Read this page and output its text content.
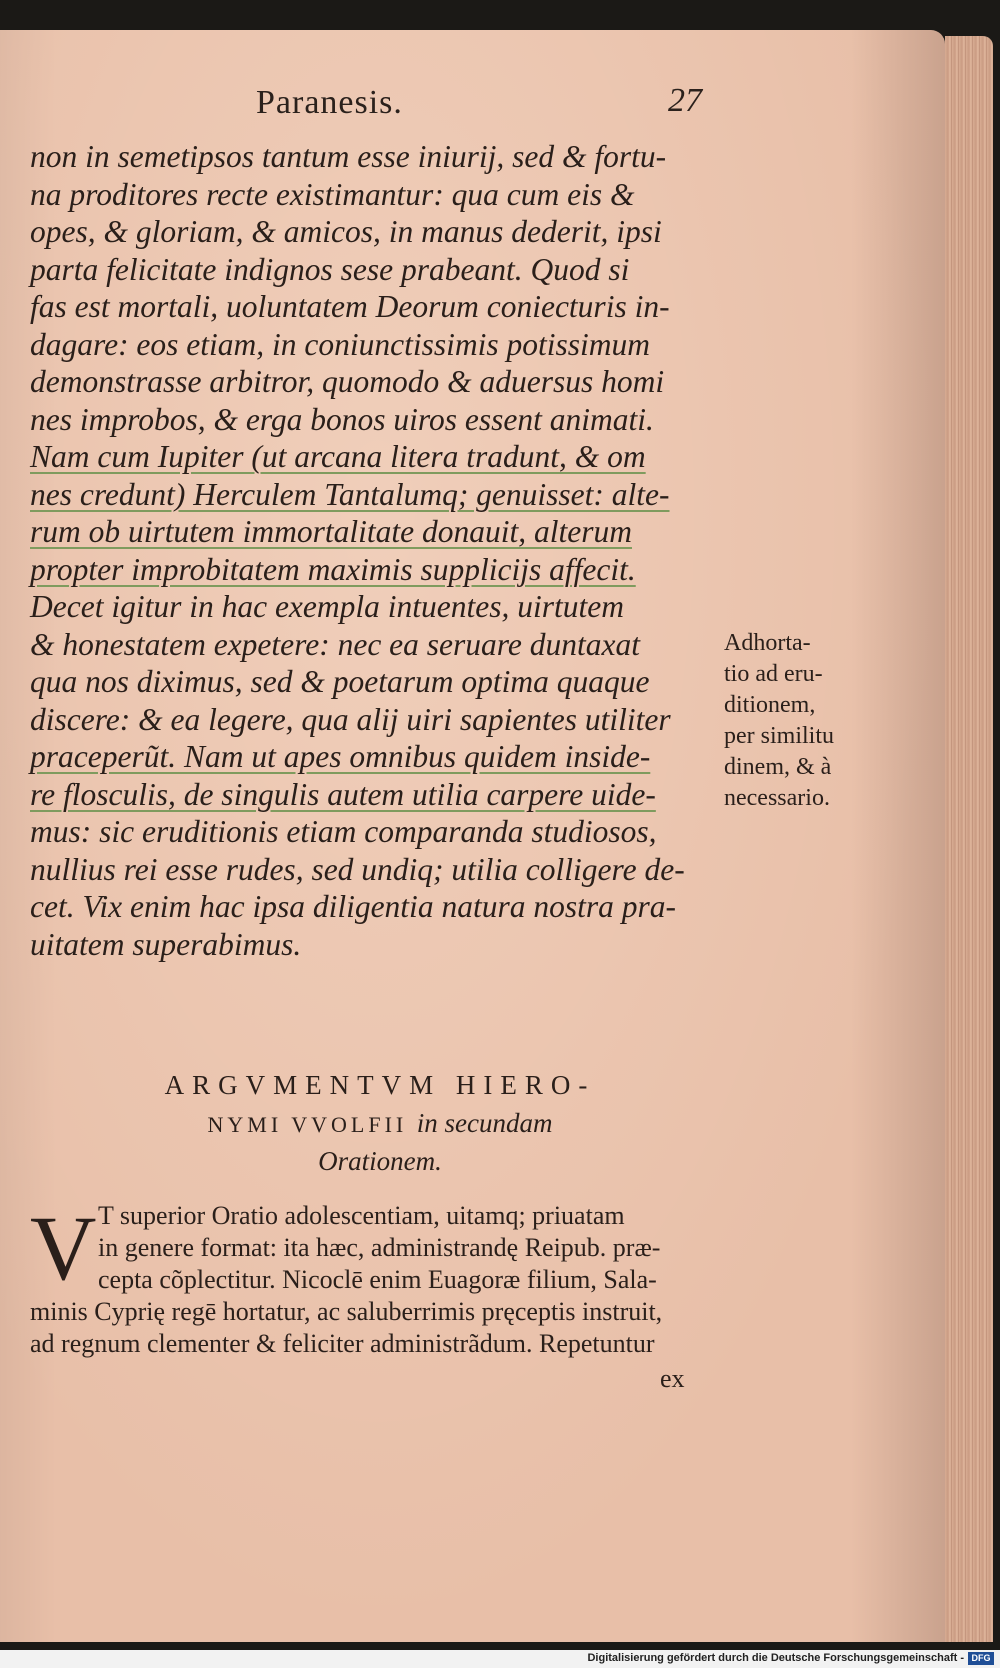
Paranesis.	27
non in semetipsos tantum esse iniurij, sed & fortu-
na proditores recte existimantur: qua cum eis &
opes, & gloriam, & amicos, in manus dederit, ipsi
parta felicitate indignos sese prabeant. Quod si
fas est mortali, uoluntatem Deorum coniecturis in-
dagare: eos etiam, in coniunctissimis potissimum
demonstrasse arbitror, quomodo & aduersus homi
nes improbos, & erga bonos uiros essent animati.
Nam cum Iupiter (ut arcana litera tradunt, & om
nes credunt) Herculem Tantalumq; genuisset: alte-
rum ob uirtutem immortalitate donauit, alterum
propter improbitatem maximis supplicijs affecit.
Decet igitur in hac exempla intuentes, uirtutem
& honestatem expetere: nec ea seruare duntaxat
qua nos diximus, sed & poetarum optima quaque
discere: & ea legere, qua alij uiri sapientes utiliter
praceperũt. Nam ut apes omnibus quidem inside-
re flosculis, de singulis autem utilia carpere uide-
mus: sic eruditionis etiam comparanda studiosos,
nullius rei esse rudes, sed undiq; utilia colligere de-
cet. Vix enim hac ipsa diligentia natura nostra pra-
uitatem superabimus.
Adhorta-
tio ad eru-
ditionem,
per similitu
dinem, & à
necessario.
ARGVMENTVM HIERO-
NYMI VVOLFII in secundam
Orationem.
V T superior Oratio adolescentiam, uitamq; priuatam
in genere format: ita hæc, administrandę Reipub. præ-
cepta cõplectitur. Nicoclē enim Euagoræ filium, Sala-
minis Cyprię regē hortatur, ac saluberrimis pręceptis instruit,
ad regnum clementer & feliciter administrãdum. Repetuntur
ex
Digitalisierung gefördert durch die Deutsche Forschungsgemeinschaft - DFG
